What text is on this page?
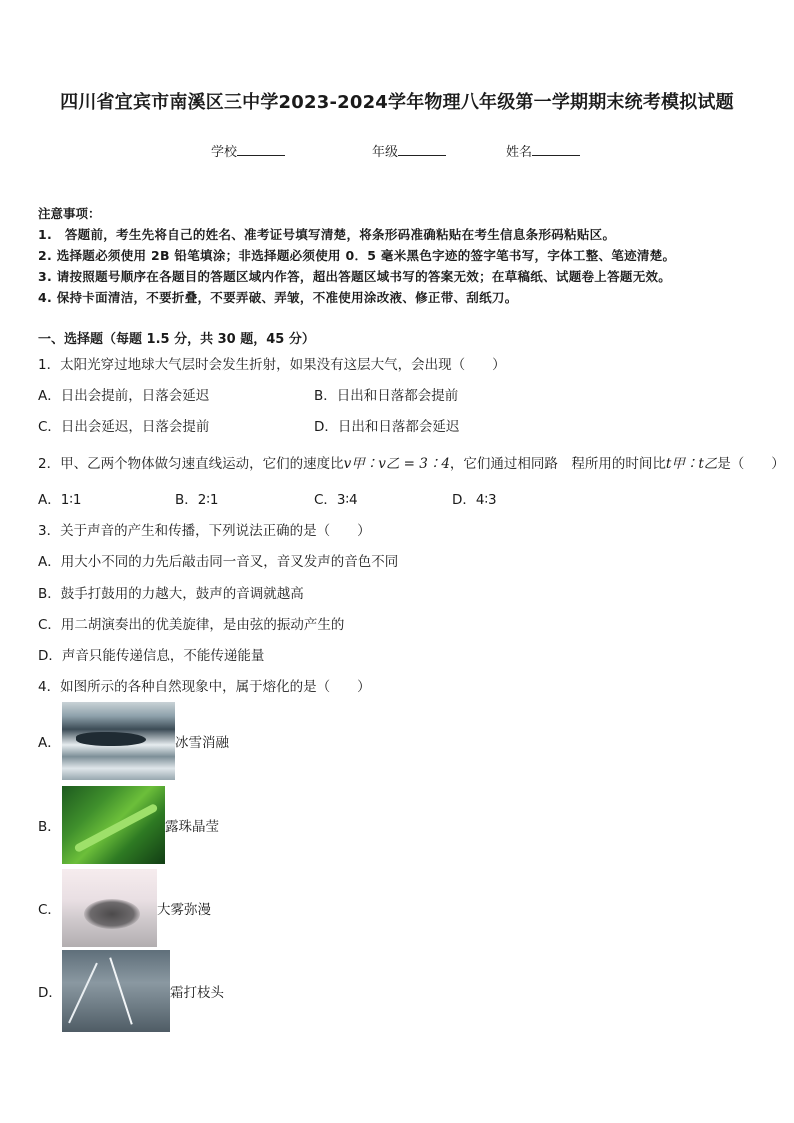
四川省宜宾市南溪区三中学2023-2024学年物理八年级第一学期期末统考模拟试题
学校	年级	姓名
注意事项：
1.　答题前，考生先将自己的姓名、准考证号填写清楚，将条形码准确粘贴在考生信息条形码粘贴区。
2. 选择题必须使用 2B 铅笔填涂；非选择题必须使用 0．5 毫米黑色字迹的签字笔书写，字体工整、笔迹清楚。
3. 请按照题号顺序在各题目的答题区域内作答，超出答题区域书写的答案无效；在草稿纸、试题卷上答题无效。
4. 保持卡面清洁，不要折叠，不要弄破、弄皱，不准使用涂改液、修正带、刮纸刀。
一、选择题（每题 1.5 分，共 30 题，45 分）
1．太阳光穿过地球大气层时会发生折射，如果没有这层大气，会出现（　　）
A．日出会提前，日落会延迟	B．日出和日落都会提前
C．日出会延迟，日落会提前	D．日出和日落都会延迟
2．甲、乙两个物体做匀速直线运动，它们的速度比v甲∶v乙 = 3∶4，它们通过相同路　程所用的时间比t甲∶t乙是（　　）
A．1∶1	B．2∶1	C．3∶4	D．4∶3
3．关于声音的产生和传播，下列说法正确的是（　　）
A．用大小不同的力先后敲击同一音叉，音叉发声的音色不同
B．鼓手打鼓用的力越大，鼓声的音调就越高
C．用二胡演奏出的优美旋律，是由弦的振动产生的
D．声音只能传递信息，不能传递能量
4．如图所示的各种自然现象中，属于熔化的是（　　）
A．	冰雪消融
B．	露珠晶莹
C．	大雾弥漫
D．	霜打枝头
